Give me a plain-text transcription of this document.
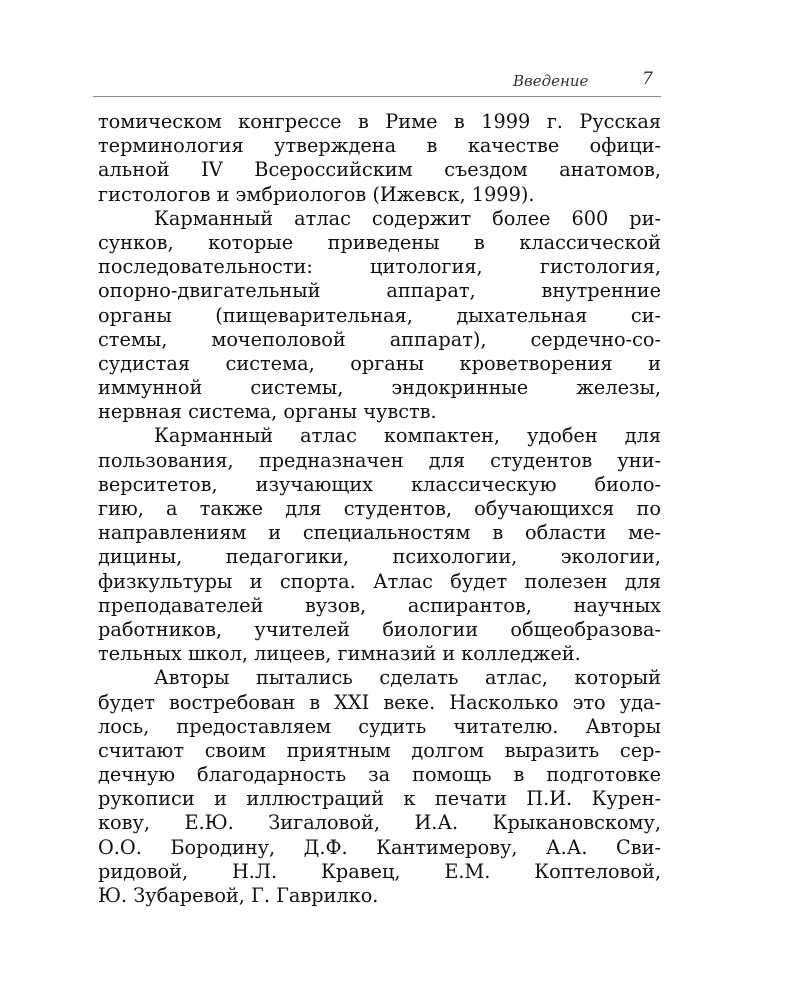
Введение	7
томическом конгрессе в Риме в 1999 г. Русская
терминология утверждена в качестве офици-
альной IV Всероссийским съездом анатомов,
гистологов и эмбриологов (Ижевск, 1999).
Карманный атлас содержит более 600 ри-
сунков, которые приведены в классической
последовательности: цитология, гистология,
опорно-двигательный аппарат, внутренние
органы (пищеварительная, дыхательная си-
стемы, мочеполовой аппарат), сердечно-со-
судистая система, органы кроветворения и
иммунной системы, эндокринные железы,
нервная система, органы чувств.
Карманный атлас компактен, удобен для
пользования, предназначен для студентов уни-
верситетов, изучающих классическую биоло-
гию, а также для студентов, обучающихся по
направлениям и специальностям в области ме-
дицины, педагогики, психологии, экологии,
физкультуры и спорта. Атлас будет полезен для
преподавателей вузов, аспирантов, научных
работников, учителей биологии общеобразова-
тельных школ, лицеев, гимназий и колледжей.
Авторы пытались сделать атлас, который
будет востребован в XXI веке. Насколько это уда-
лось, предоставляем судить читателю. Авторы
считают своим приятным долгом выразить сер-
дечную благодарность за помощь в подготовке
рукописи и иллюстраций к печати П.И. Курен-
кову, Е.Ю. Зигаловой, И.А. Крыкановскому,
О.О. Бородину, Д.Ф. Кантимерову, А.А. Сви-
ридовой, Н.Л. Кравец, Е.М. Коптеловой,
Ю. Зубаревой, Г. Гаврилко.
